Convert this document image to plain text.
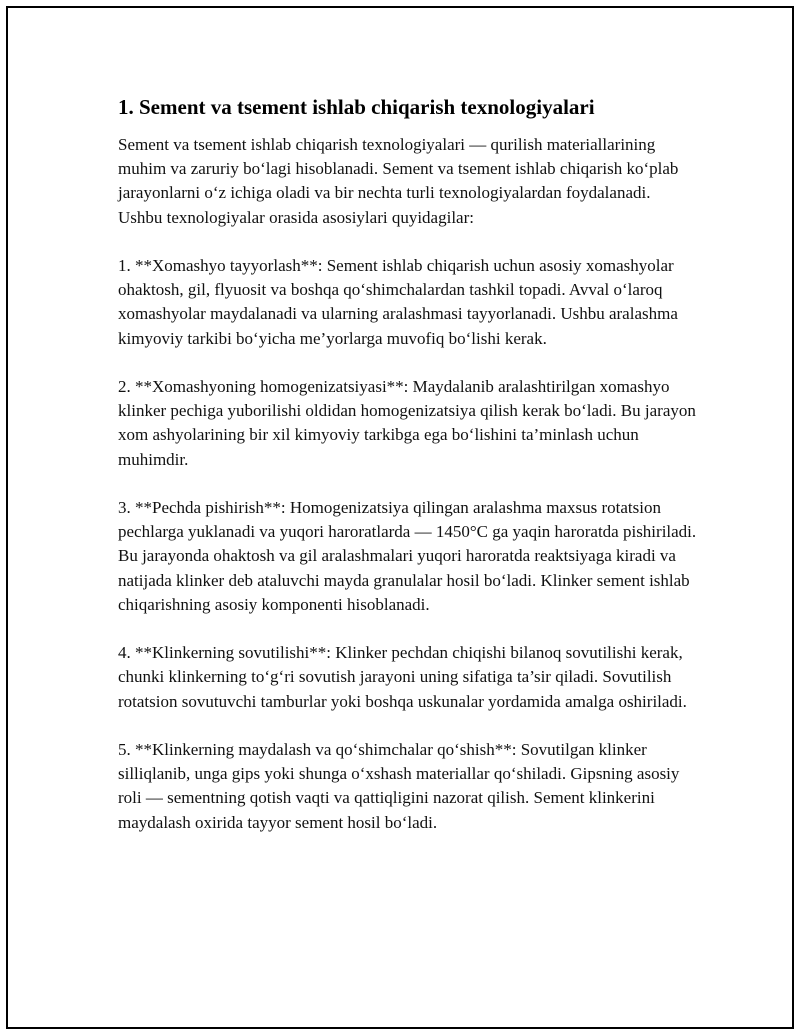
1. Sement va tsement ishlab chiqarish texnologiyalari

Sement va tsement ishlab chiqarish texnologiyalari — qurilish materiallarining muhim va zaruriy bo‘lagi hisoblanadi. Sement va tsement ishlab chiqarish ko‘plab jarayonlarni o‘z ichiga oladi va bir nechta turli texnologiyalardan foydalanadi. Ushbu texnologiyalar orasida asosiylari quyidagilar:

1. **Xomashyo tayyorlash**: Sement ishlab chiqarish uchun asosiy xomashyolar ohaktosh, gil, flyuosit va boshqa qo‘shimchalardan tashkil topadi. Avval o‘laroq xomashyolar maydalanadi va ularning aralashmasi tayyorlanadi. Ushbu aralashma kimyoviy tarkibi bo‘yicha me’yorlarga muvofiq bo‘lishi kerak.

2. **Xomashyoning homogenizatsiyasi**: Maydalanib aralashtirilgan xomashyo klinker pechiga yuborilishi oldidan homogenizatsiya qilish kerak bo‘ladi. Bu jarayon xom ashyolarining bir xil kimyoviy tarkibga ega bo‘lishini ta’minlash uchun muhimdir.

3. **Pechda pishirish**: Homogenizatsiya qilingan aralashma maxsus rotatsion pechlarga yuklanadi va yuqori haroratlarda — 1450°C ga yaqin haroratda pishiriladi. Bu jarayonda ohaktosh va gil aralashmalari yuqori haroratda reaktsiyaga kiradi va natijada klinker deb ataluvchi mayda granulalar hosil bo‘ladi. Klinker sement ishlab chiqarishning asosiy komponenti hisoblanadi.

4. **Klinkerning sovutilishi**: Klinker pechdan chiqishi bilanoq sovutilishi kerak, chunki klinkerning to‘g‘ri sovutish jarayoni uning sifatiga ta’sir qiladi. Sovutilish rotatsion sovutuvchi tamburlar yoki boshqa uskunalar yordamida amalga oshiriladi.

5. **Klinkerning maydalash va qo‘shimchalar qo‘shish**: Sovutilgan klinker silliqlanib, unga gips yoki shunga o‘xshash materiallar qo‘shiladi. Gipsning asosiy roli — sementning qotish vaqti va qattiqligini nazorat qilish. Sement klinkerini maydalash oxirida tayyor sement hosil bo‘ladi.
